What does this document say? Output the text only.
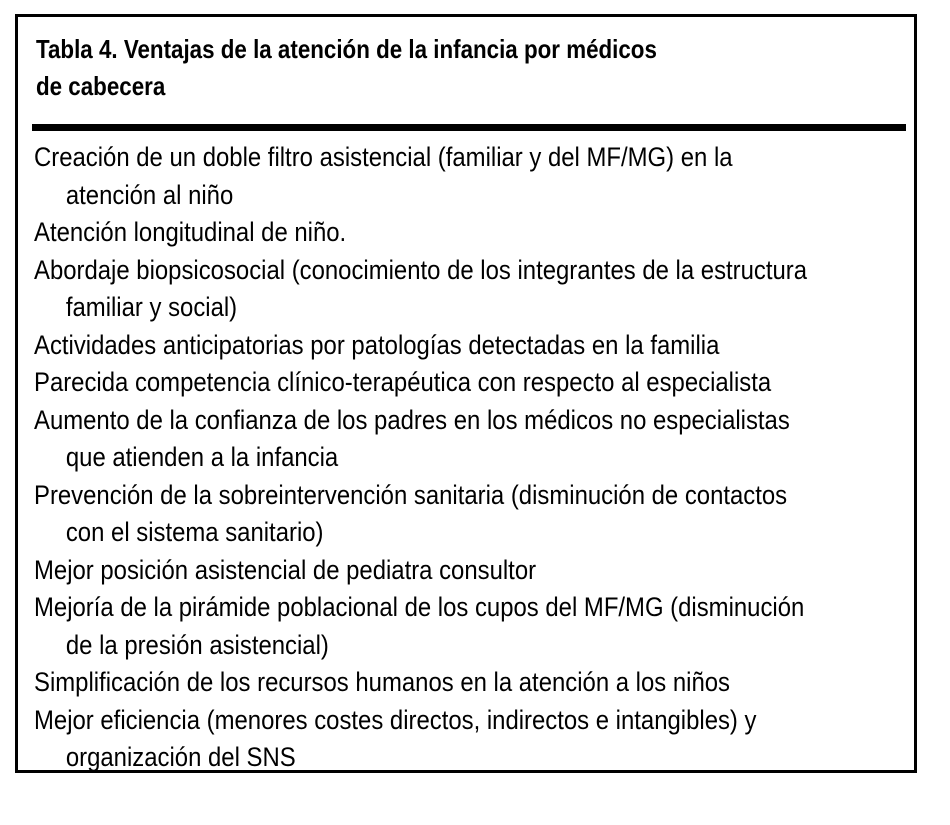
Tabla 4. Ventajas de la atención de la infancia por médicos
de cabecera
Creación de un doble filtro asistencial (familiar y del MF/MG) en la
atención al niño
Atención longitudinal de niño.
Abordaje biopsicosocial (conocimiento de los integrantes de la estructura
familiar y social)
Actividades anticipatorias por patologías detectadas en la familia
Parecida competencia clínico-terapéutica con respecto al especialista
Aumento de la confianza de los padres en los médicos no especialistas
que atienden a la infancia
Prevención de la sobreintervención sanitaria (disminución de contactos
con el sistema sanitario)
Mejor posición asistencial de pediatra consultor
Mejoría de la pirámide poblacional de los cupos del MF/MG (disminución
de la presión asistencial)
Simplificación de los recursos humanos en la atención a los niños
Mejor eficiencia (menores costes directos, indirectos e intangibles) y
organización del SNS
